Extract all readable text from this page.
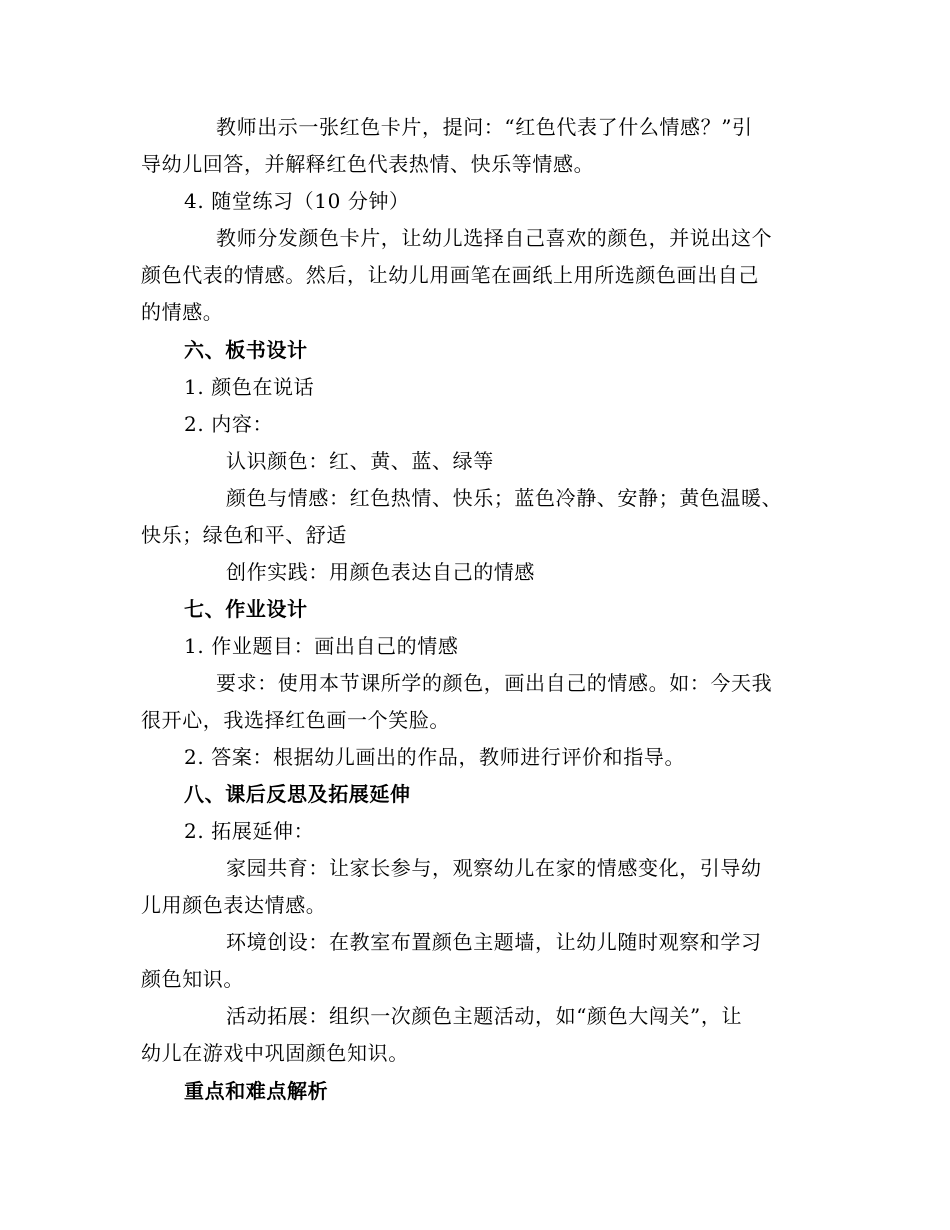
教师出示一张红色卡片，提问：“红色代表了什么情感？”引
导幼儿回答，并解释红色代表热情、快乐等情感。
4. 随堂练习（10 分钟）
教师分发颜色卡片，让幼儿选择自己喜欢的颜色，并说出这个
颜色代表的情感。然后，让幼儿用画笔在画纸上用所选颜色画出自己
的情感。
六、板书设计
1. 颜色在说话
2. 内容：
认识颜色：红、黄、蓝、绿等
颜色与情感：红色热情、快乐；蓝色冷静、安静；黄色温暖、
快乐；绿色和平、舒适
创作实践：用颜色表达自己的情感
七、作业设计
1. 作业题目：画出自己的情感
要求：使用本节课所学的颜色，画出自己的情感。如：今天我
很开心，我选择红色画一个笑脸。
2. 答案：根据幼儿画出的作品，教师进行评价和指导。
八、课后反思及拓展延伸
2. 拓展延伸：
家园共育：让家长参与，观察幼儿在家的情感变化，引导幼
儿用颜色表达情感。
环境创设：在教室布置颜色主题墙，让幼儿随时观察和学习
颜色知识。
活动拓展：组织一次颜色主题活动，如“颜色大闯关”，让
幼儿在游戏中巩固颜色知识。
重点和难点解析
